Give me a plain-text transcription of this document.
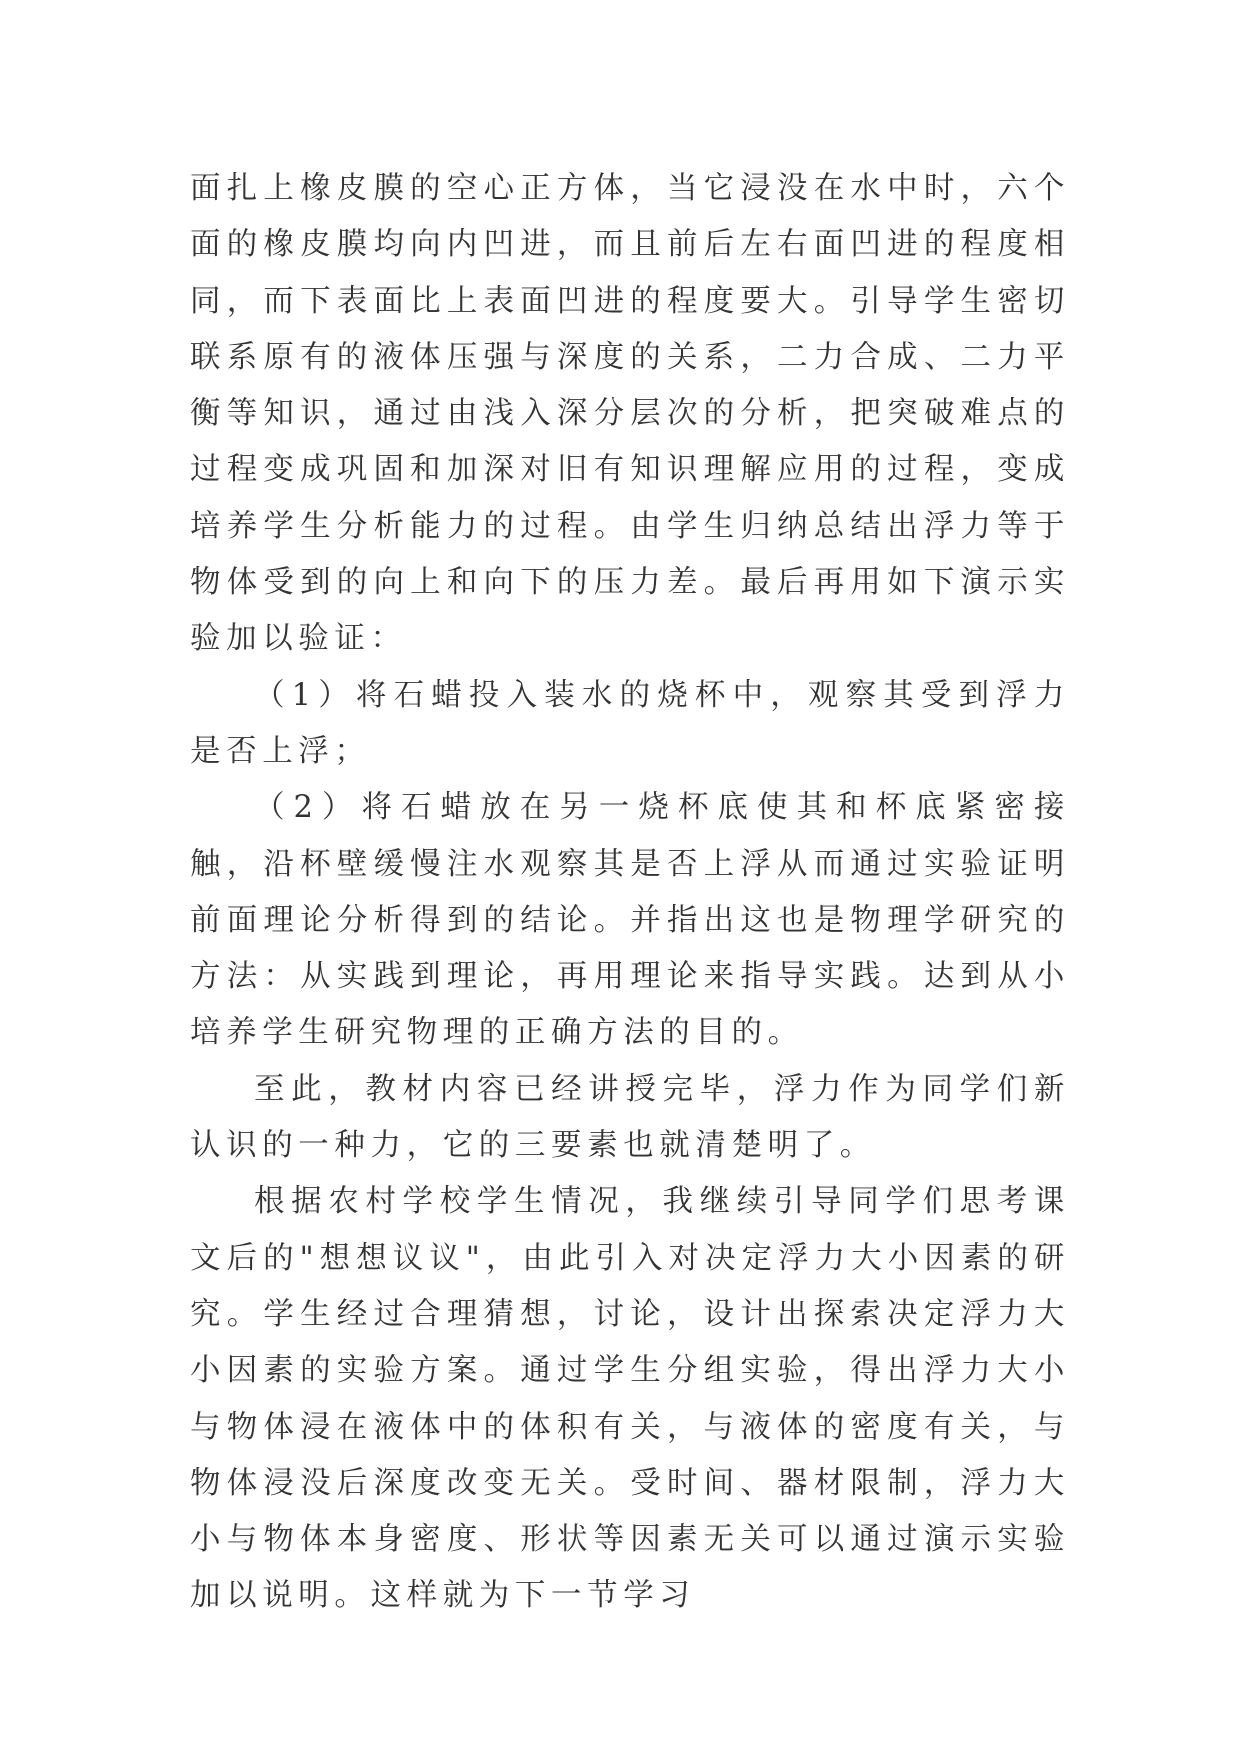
面扎上橡皮膜的空心正方体，当它浸没在水中时，六个面的橡皮膜均向内凹进，而且前后左右面凹进的程度相同，而下表面比上表面凹进的程度要大。引导学生密切联系原有的液体压强与深度的关系，二力合成、二力平衡等知识，通过由浅入深分层次的分析，把突破难点的过程变成巩固和加深对旧有知识理解应用的过程，变成培养学生分析能力的过程。由学生归纳总结出浮力等于物体受到的向上和向下的压力差。最后再用如下演示实验加以验证：

（1）将石蜡投入装水的烧杯中，观察其受到浮力是否上浮；

（2）将石蜡放在另一烧杯底使其和杯底紧密接触，沿杯壁缓慢注水观察其是否上浮从而通过实验证明前面理论分析得到的结论。并指出这也是物理学研究的方法：从实践到理论，再用理论来指导实践。达到从小培养学生研究物理的正确方法的目的。

至此，教材内容已经讲授完毕，浮力作为同学们新认识的一种力，它的三要素也就清楚明了。

根据农村学校学生情况，我继续引导同学们思考课文后的"想想议议"，由此引入对决定浮力大小因素的研究。学生经过合理猜想，讨论，设计出探索决定浮力大小因素的实验方案。通过学生分组实验，得出浮力大小与物体浸在液体中的体积有关，与液体的密度有关，与物体浸没后深度改变无关。受时间、器材限制，浮力大小与物体本身密度、形状等因素无关可以通过演示实验加以说明。这样就为下一节学习
